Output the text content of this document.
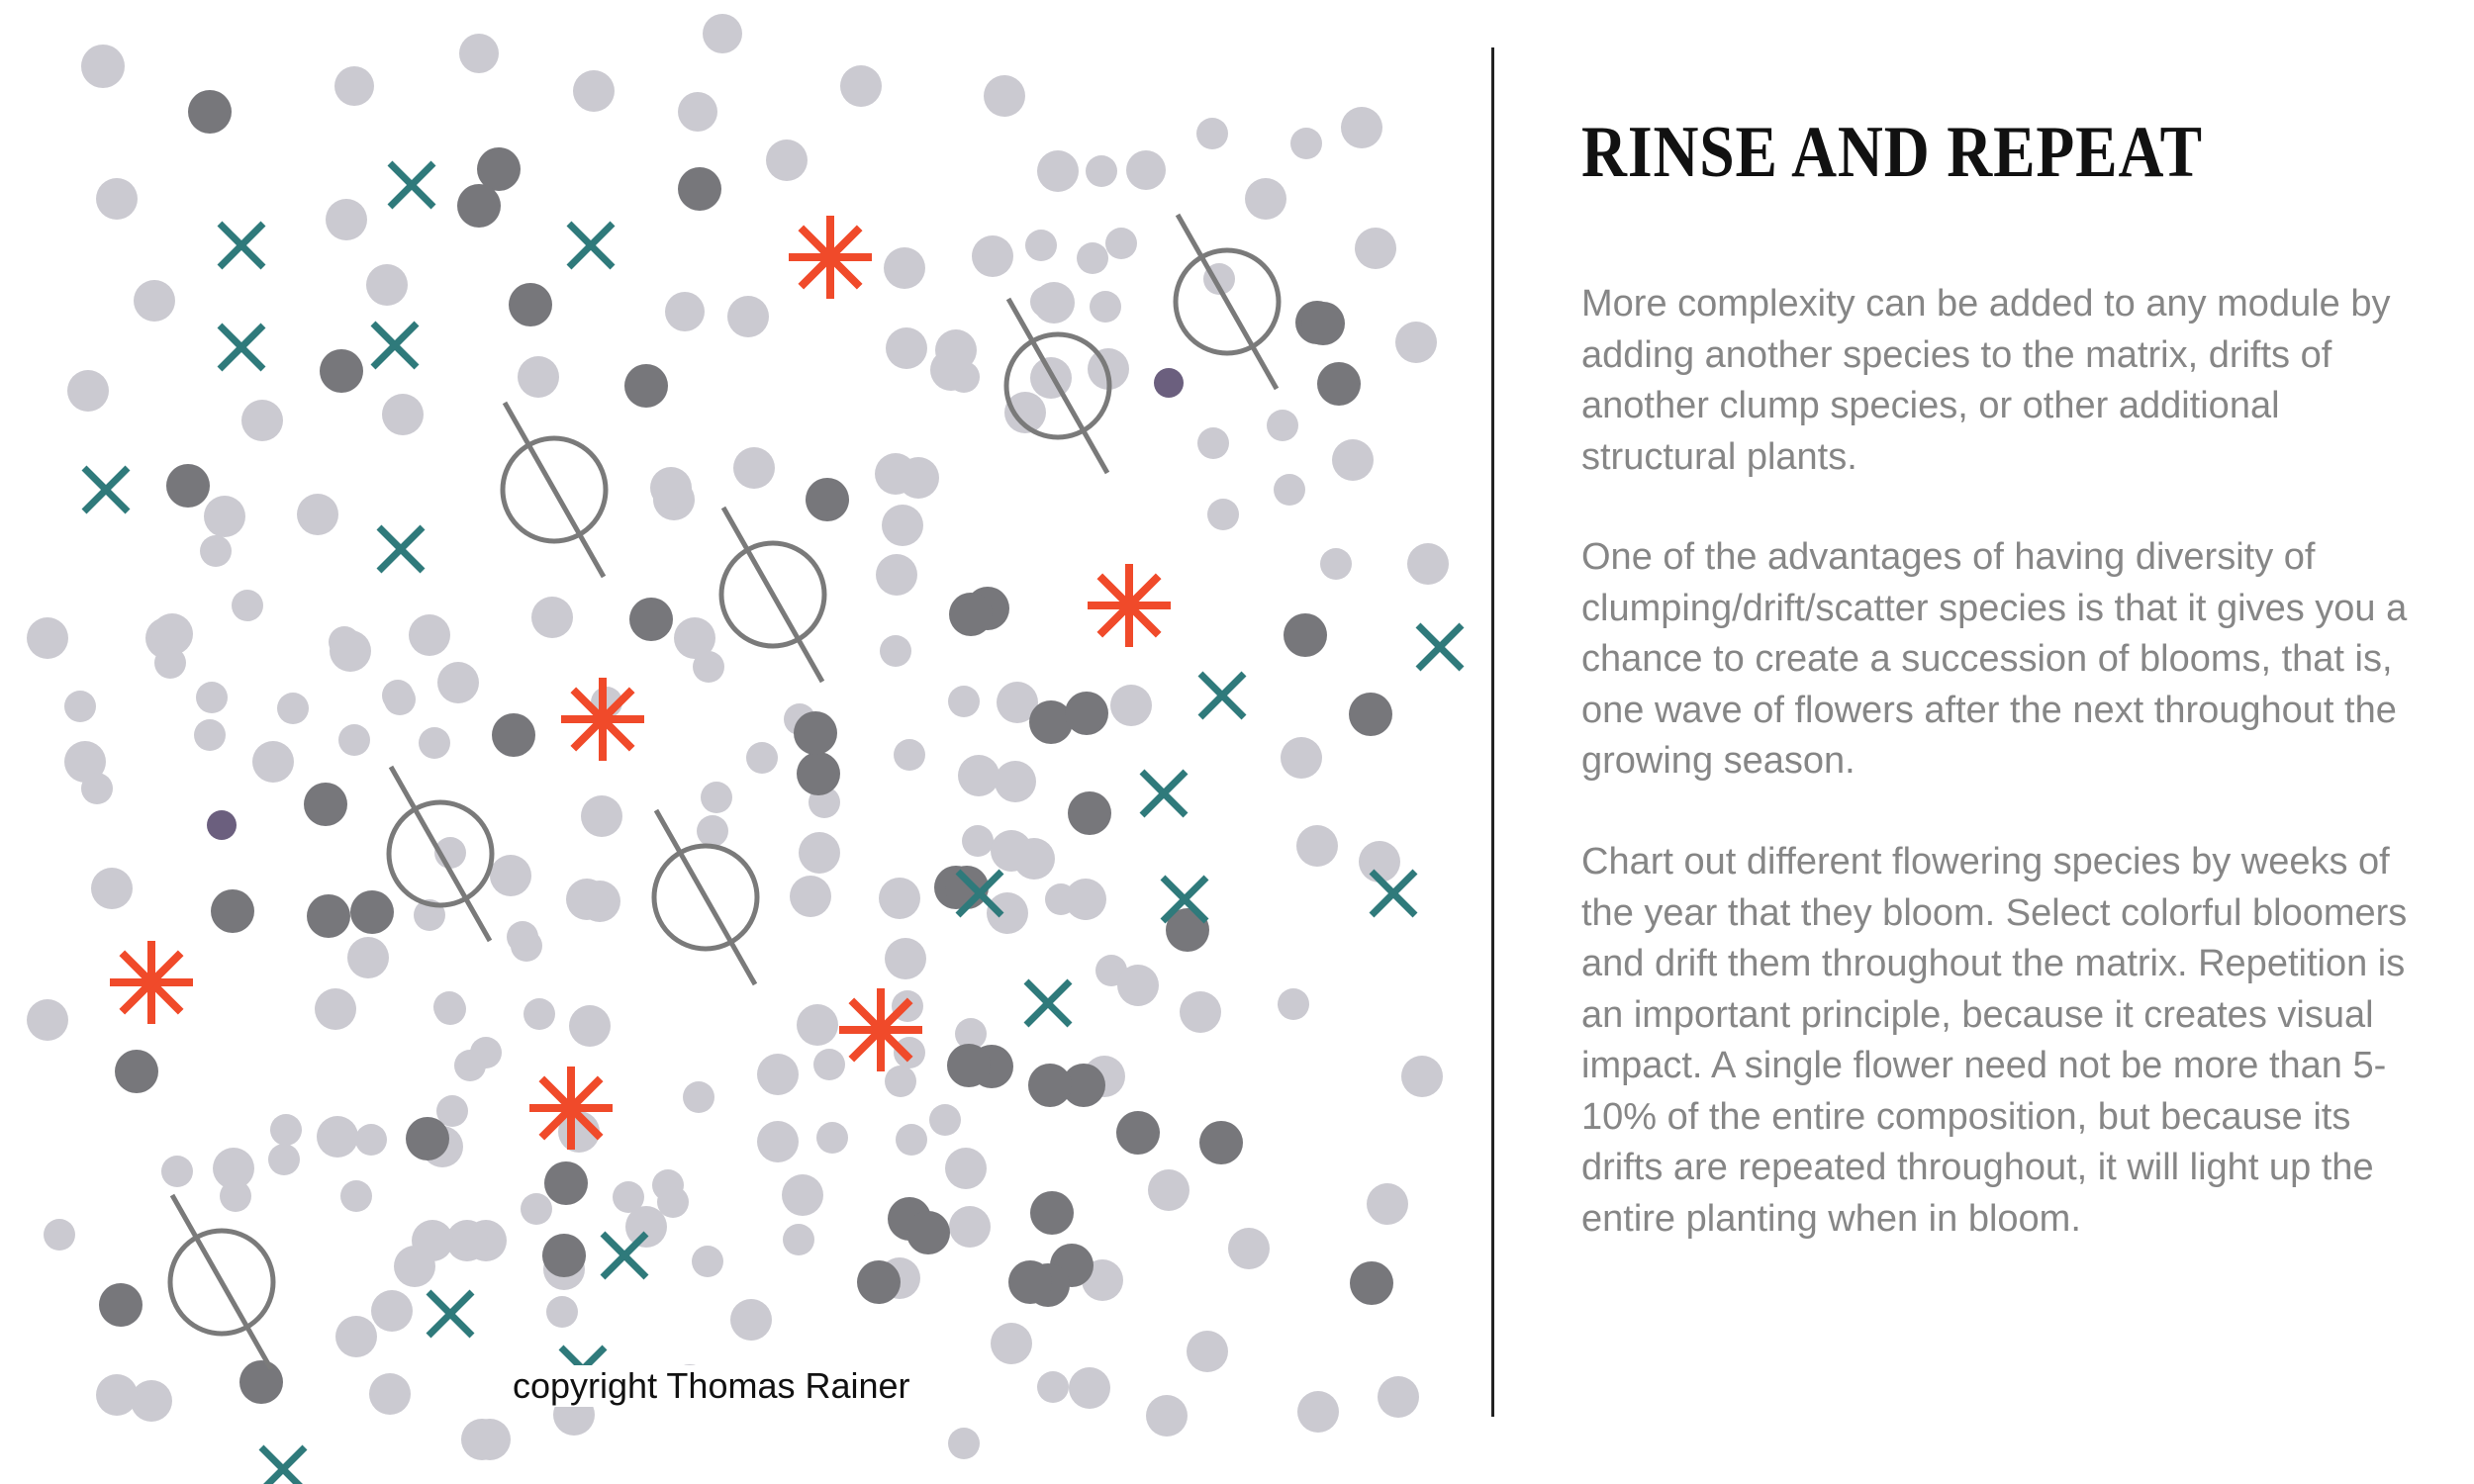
RINSE AND REPEAT

More complexity can be added to any module by adding another species to the matrix, drifts of another clump species, or other additional structural plants.

One of the advantages of having diversity of clumping/drift/scatter species is that it gives you a chance to create a succession of blooms, that is, one wave of flowers after the next throughout the growing season.

Chart out different flowering species by weeks of the year that they bloom. Select colorful bloomers and drift them throughout the matrix. Repetition is an important principle, because it creates visual impact. A single flower need not be more than 5-10% of the entire composition, but because its drifts are repeated throughout, it will light up the entire planting when in bloom.

copyright Thomas Rainer
